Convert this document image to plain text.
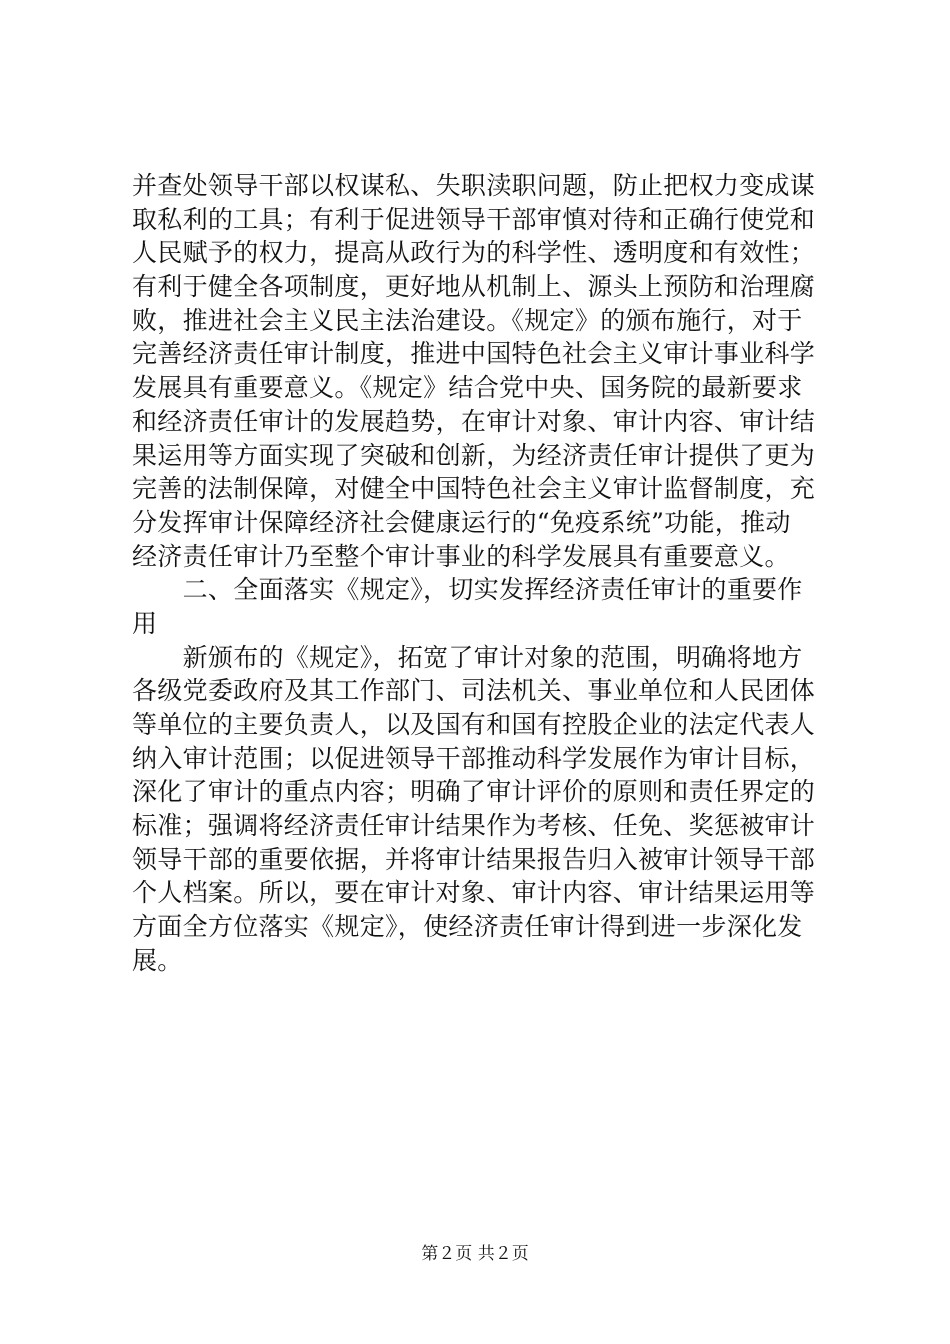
并查处领导干部以权谋私、失职渎职问题，防止把权力变成谋
取私利的工具；有利于促进领导干部审慎对待和正确行使党和
人民赋予的权力，提高从政行为的科学性、透明度和有效性；
有利于健全各项制度，更好地从机制上、源头上预防和治理腐
败，推进社会主义民主法治建设。《规定》的颁布施行，对于
完善经济责任审计制度，推进中国特色社会主义审计事业科学
发展具有重要意义。《规定》结合党中央、国务院的最新要求
和经济责任审计的发展趋势，在审计对象、审计内容、审计结
果运用等方面实现了突破和创新，为经济责任审计提供了更为
完善的法制保障，对健全中国特色社会主义审计监督制度，充
分发挥审计保障经济社会健康运行的“免疫系统”功能，推动
经济责任审计乃至整个审计事业的科学发展具有重要意义。
　　二、全面落实《规定》，切实发挥经济责任审计的重要作
用
　　新颁布的《规定》，拓宽了审计对象的范围，明确将地方
各级党委政府及其工作部门、司法机关、事业单位和人民团体
等单位的主要负责人，以及国有和国有控股企业的法定代表人
纳入审计范围；以促进领导干部推动科学发展作为审计目标，
深化了审计的重点内容；明确了审计评价的原则和责任界定的
标准；强调将经济责任审计结果作为考核、任免、奖惩被审计
领导干部的重要依据，并将审计结果报告归入被审计领导干部
个人档案。所以，要在审计对象、审计内容、审计结果运用等
方面全方位落实《规定》，使经济责任审计得到进一步深化发
展。
第２页 共２页
